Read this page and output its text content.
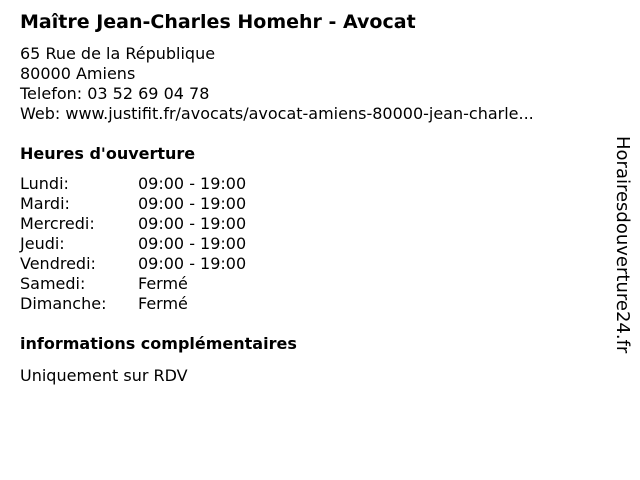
Maître Jean-Charles Homehr - Avocat
65 Rue de la République
80000 Amiens
Telefon: 03 52 69 04 78
Web: www.justifit.fr/avocats/avocat-amiens-80000-jean-charle...
Heures d'ouverture
Lundi:	09:00 - 19:00
Mardi:	09:00 - 19:00
Mercredi:	09:00 - 19:00
Jeudi:	09:00 - 19:00
Vendredi:	09:00 - 19:00
Samedi:	Fermé
Dimanche: Fermé
informations complémentaires
Uniquement sur RDV
Horairesdouverture24.fr
